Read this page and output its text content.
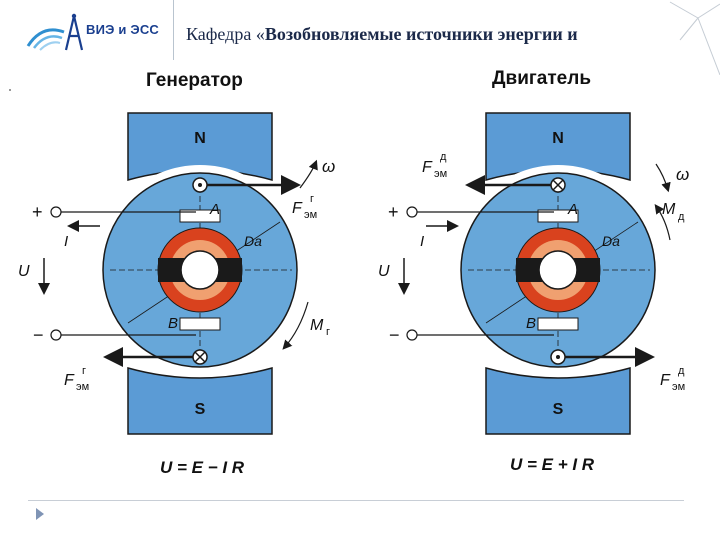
ВИЭ и ЭСС Кафедра «Возобновляемые источники энергии и
Генератор	Двигатель
N
S
A
B
Da
+
−
I
U
F эм
г
F эм
г
ω
M г
N
S
A
B
Da
+
−
I
U
F эм
д
F эм
д
ω
M д
U = E − I R	U = E + I R
